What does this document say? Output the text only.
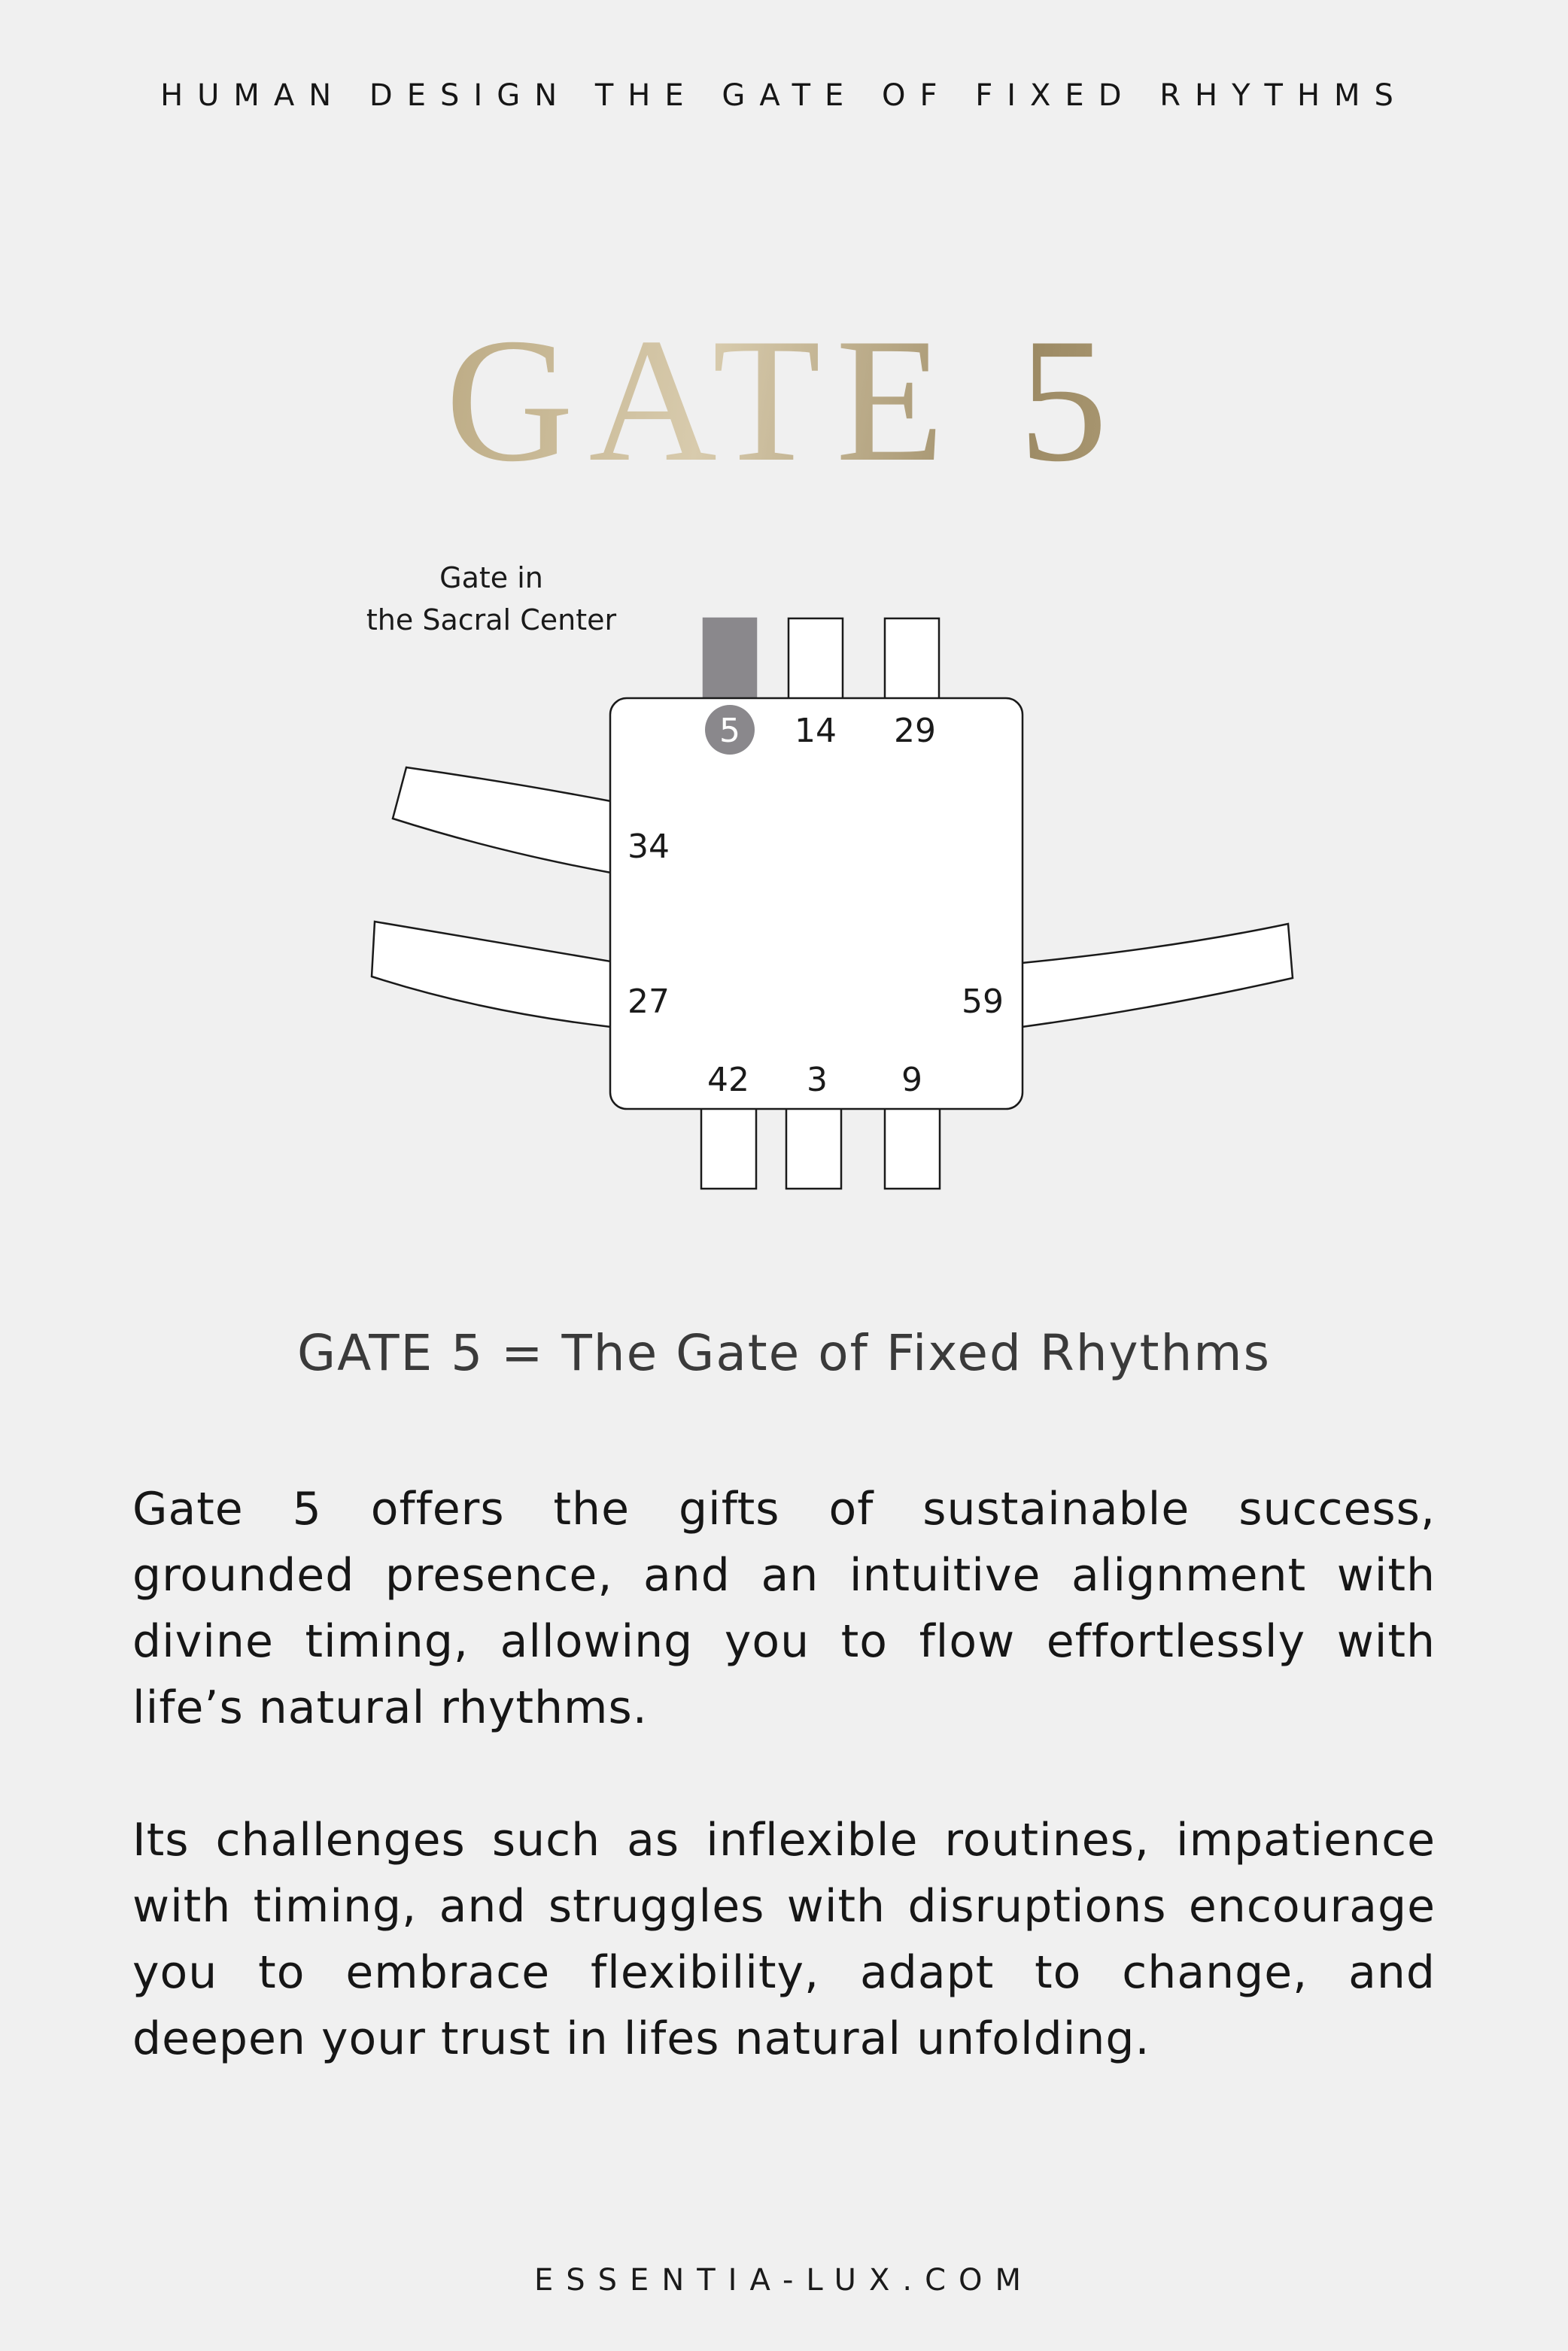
HUMAN DESIGN THE GATE OF FIXED RHYTHMS
GATE 5
5 14 29
34
27	59
42 3 9
Gate in
the Sacral Center
GATE 5 = The Gate of Fixed Rhythms
Gate 5 offers the gifts of sustainable success, grounded presence, and an intuitive alignment with divine timing, allowing you to flow effortlessly with life’s natural rhythms.
Its challenges such as inflexible routines, impatience with timing, and struggles with disruptions encourage you to embrace flexibility, adapt to change, and deepen your trust in lifes natural unfolding.
ESSENTIA-LUX.COM
